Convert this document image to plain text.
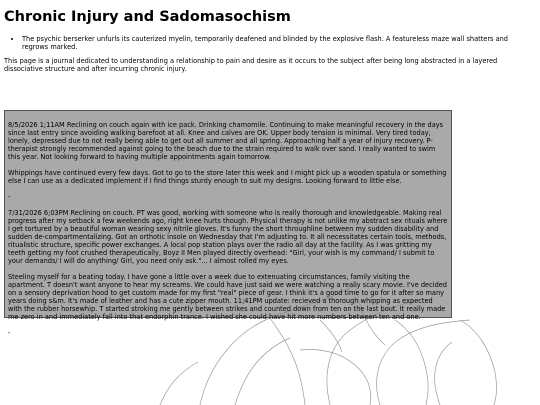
Chronic Injury and Sadomasochism
• The psychic berserker unfurls its cauterized myelin, temporarily deafened and blinded by the explosive flash. A featureless maze wall shatters and regrows marked.

This page is a journal dedicated to understanding a relationship to pain and desire as it occurs to the subject after being long abstracted in a layered dissociative structure and after incurring chronic injury.

8/5/2026 1;11AM Reclining on couch again with ice pack. Drinking chamomile. Continuing to make meaningful recovery in the days since last entry since avoiding walking barefoot at all. Knee and calves are OK. Upper body tension is minimal. Very tired today, lonely, depressed due to not really being able to get out all summer and all spring. Approaching half a year of injury recovery. P-therapist strongly recommended against going to the beach due to the strain required to walk over sand. I really wanted to swim this year. Not looking forward to having multiple appointments again tomorrow.

Whippings have continued every few days. Got to go to the store later this week and I might pick up a wooden spatula or something else I can use as a dedicated implement if I find things sturdy enough to suit my designs. Looking forward to little else.

-

7/31/2026 6;03PM Reclining on couch. PT was good, working with someone who is really thorough and knowledgeable. Making real progress after my setback a few weekends ago, right knee hurts though. Physical therapy is not unlike my abstract sex rituals where I get tortured by a beautiful woman wearing sexy nitrile gloves. It's funny the short throughline between my sudden disability and sudden de-compartmentalizing. Got an orthotic insole on Wednesday that I'm adjusting to. It all necessitates certain tools, methods, ritualistic structure, specific power exchanges. A local pop station plays over the radio all day at the facility. As I was gritting my teeth getting my foot crushed therapeutically, Boyz II Men played directly overhead: "Girl, your wish is my command/ I submit to your demands/ I will do anything/ Girl, you need only ask."... I almost rolled my eyes.

Steeling myself for a beating today. I have gone a little over a week due to extenuating circumstances, family visiting the apartment. T doesn't want anyone to hear my screams. We could have just said we were watching a really scary movie. I've decided on a sensory deprivation hood to get custom made for my first "real" piece of gear. I think it's a good time to go for it after so many years doing s&m. It's made of leather and has a cute zipper mouth. 11;41PM update: recieved a thorough whipping as expected with the rubber horsewhip. T started stroking me gently between strikes and counted down from ten on the last bout. It really made me zero in and immediately fall into that endorphin trance. I wished she could have hit more numbers between ten and one.

-
